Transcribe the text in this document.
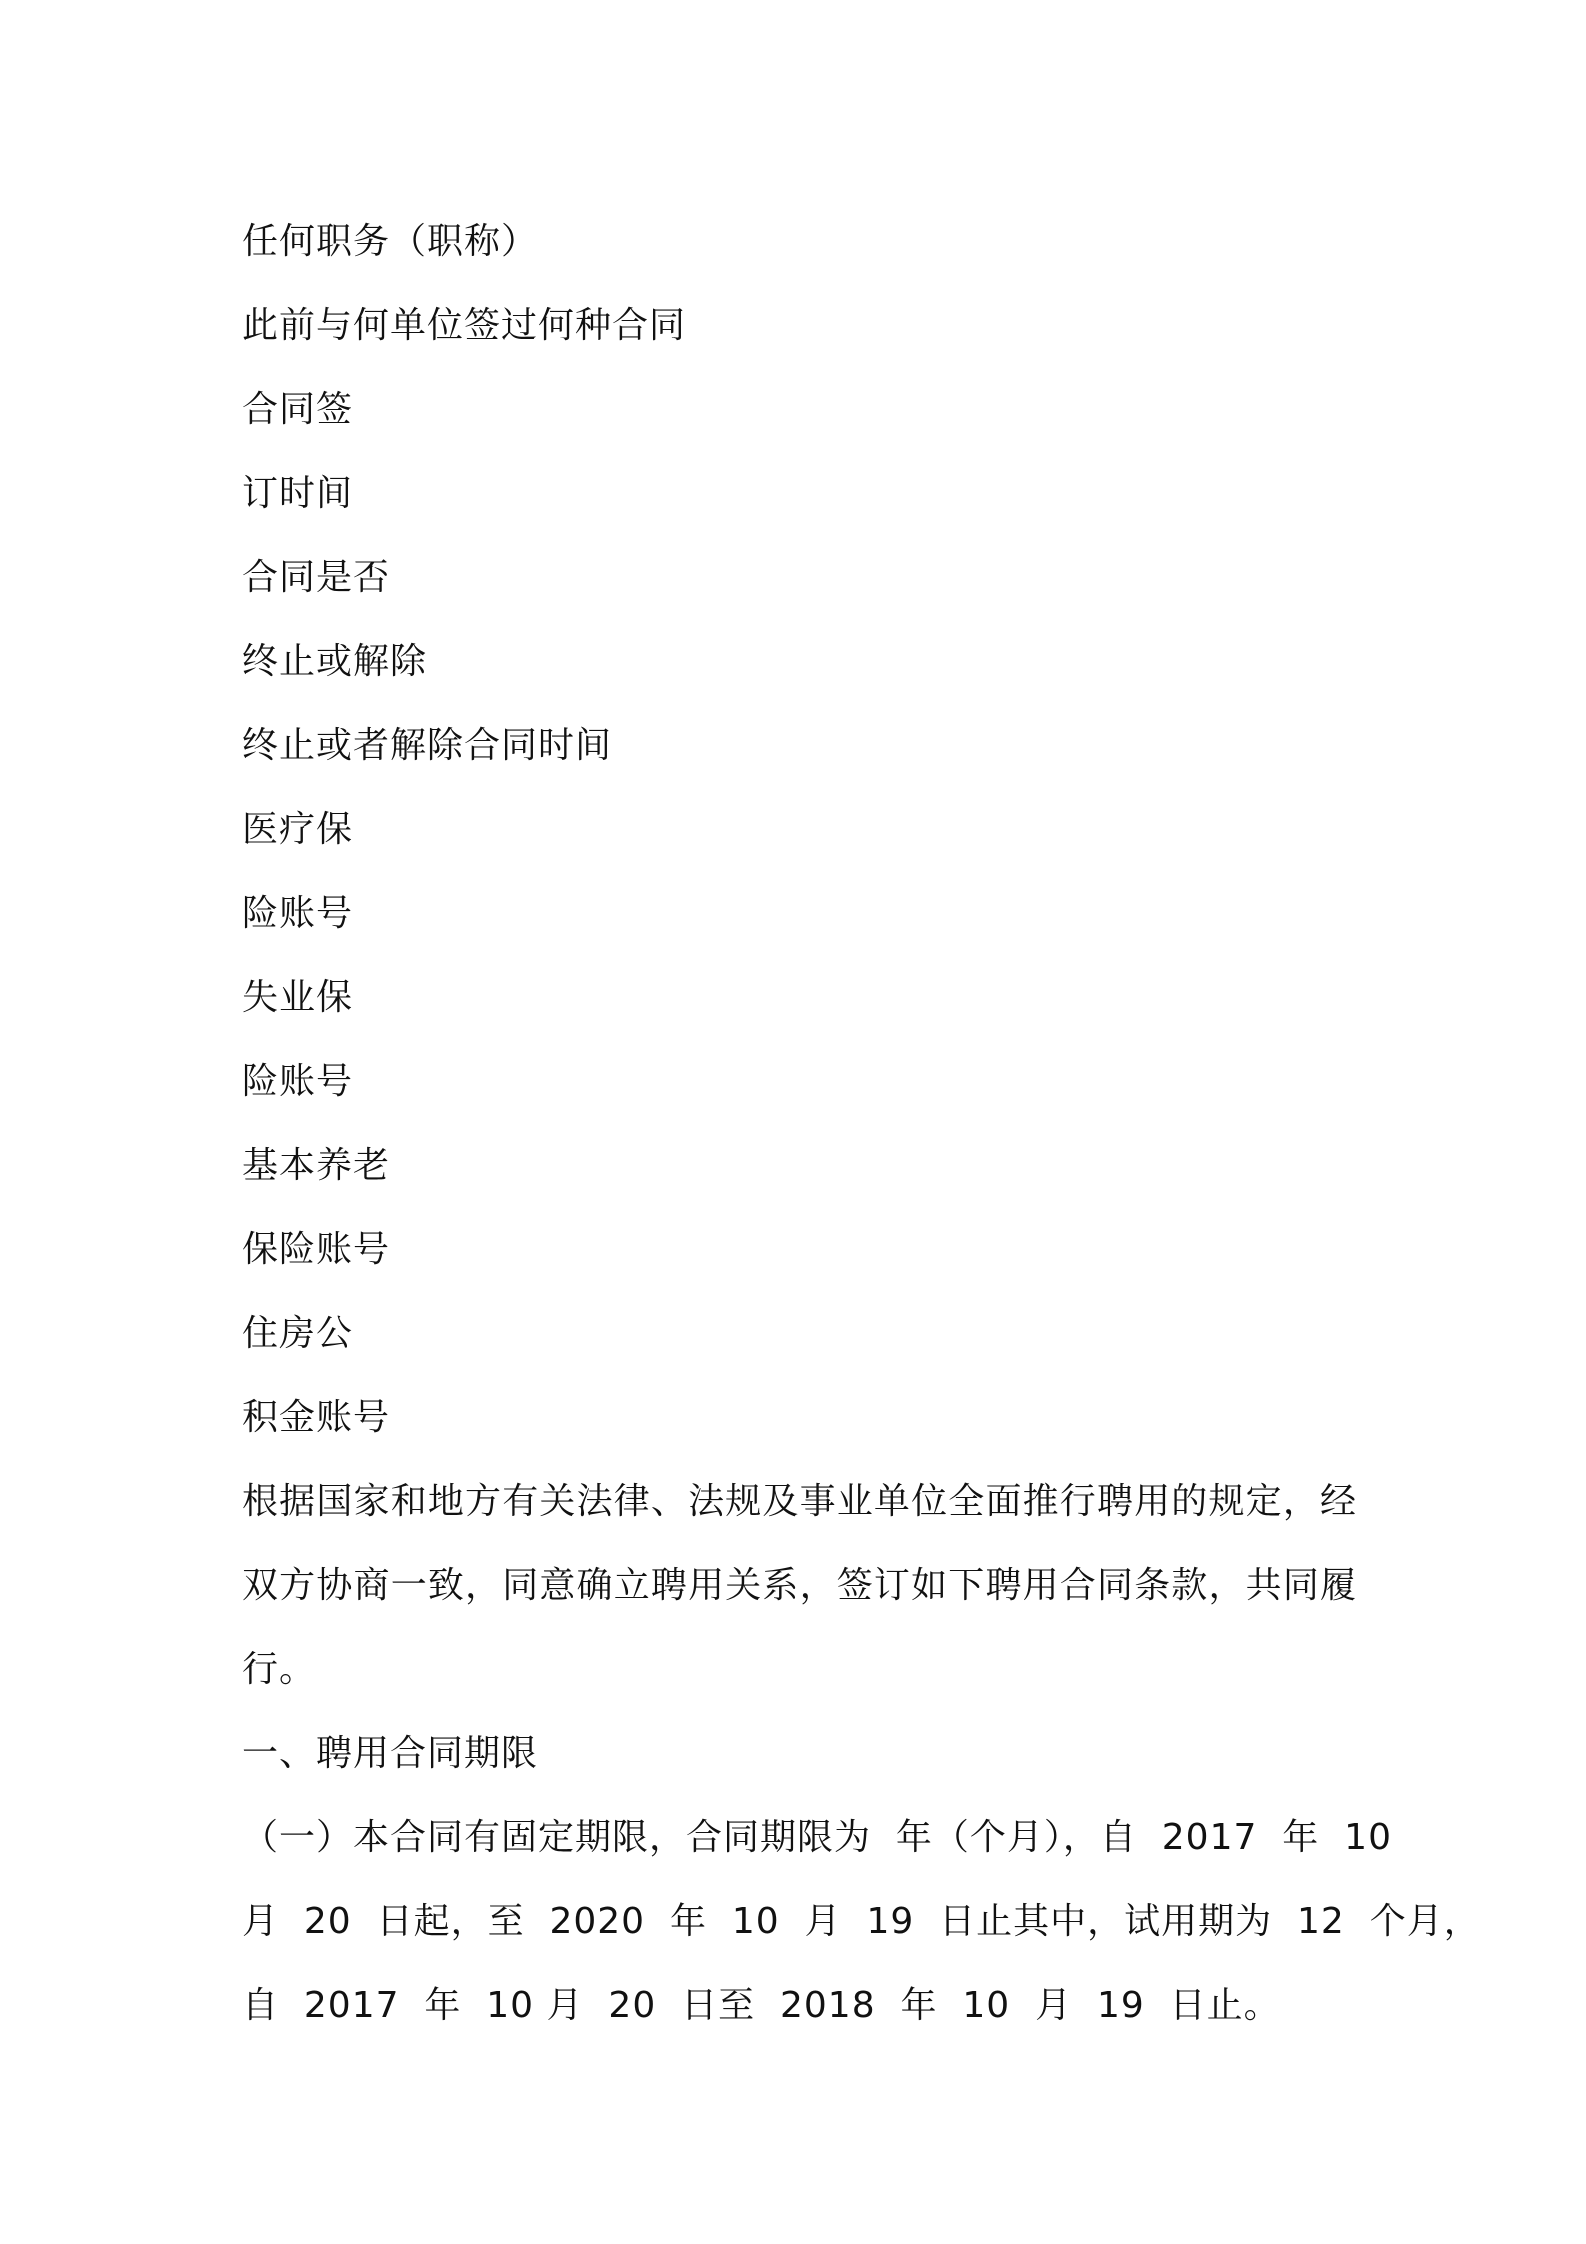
任何职务（职称）
此前与何单位签过何种合同
合同签
订时间
合同是否
终止或解除
终止或者解除合同时间
医疗保
险账号
失业保
险账号
基本养老
保险账号
住房公
积金账号
根据国家和地方有关法律、法规及事业单位全面推行聘用的规定，经
双方协商一致，同意确立聘用关系，签订如下聘用合同条款，共同履
行。
一、聘用合同期限
（一）本合同有固定期限，合同期限为  年（个月），自  2017  年  10
月  20  日起，至  2020  年  10  月  19  日止其中，试用期为  12  个月，
自  2017  年  10 月  20  日至  2018  年  10  月  19  日止。
